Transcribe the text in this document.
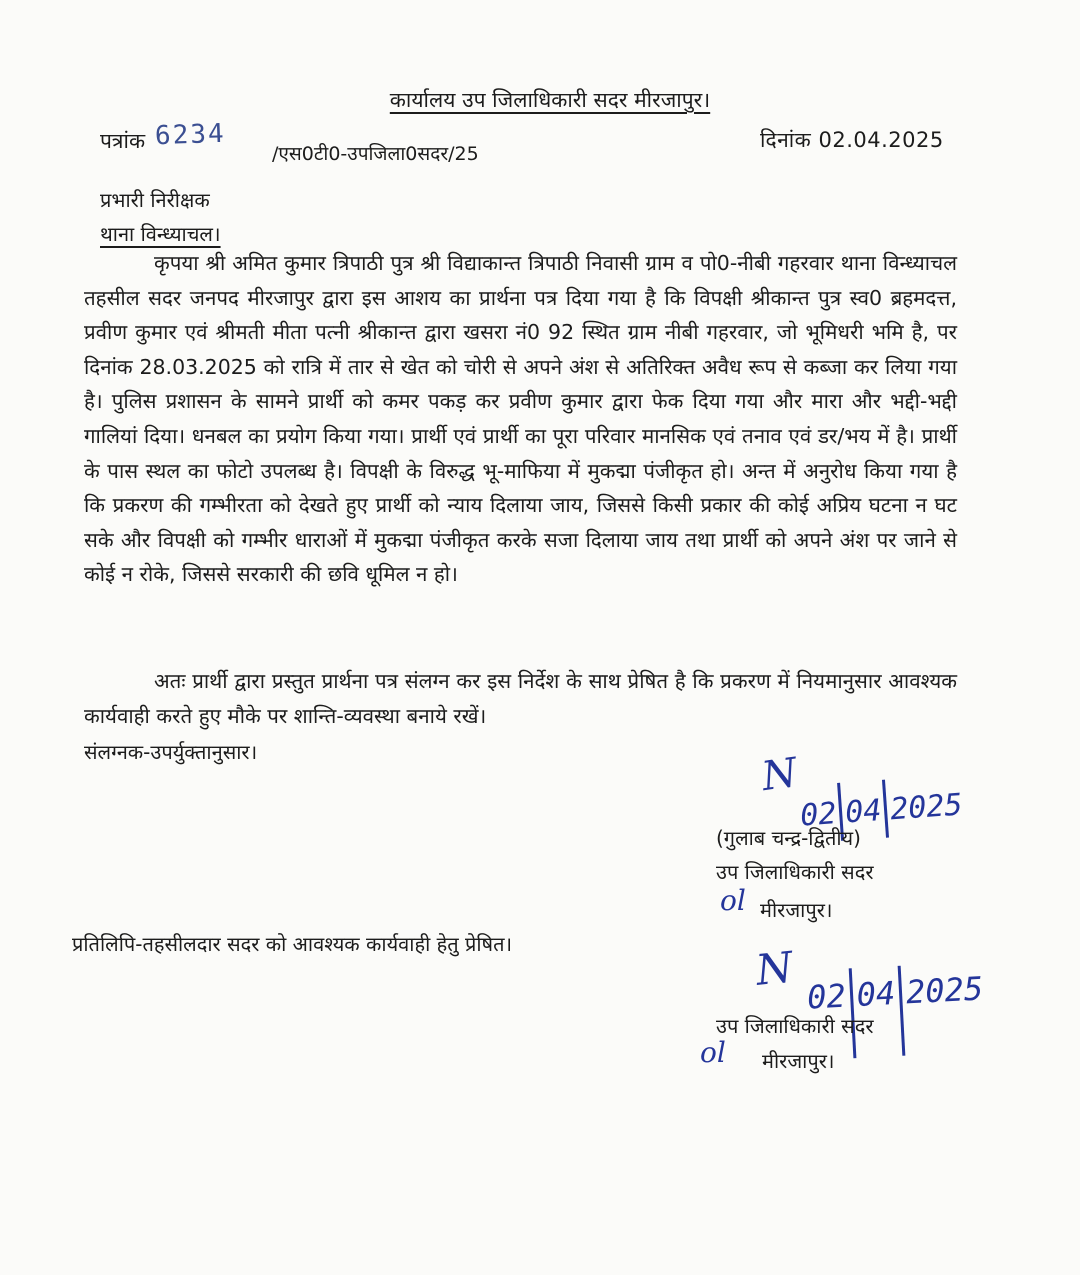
कार्यालय उप जिलाधिकारी सदर मीरजापुर।
पत्रांक 6234
/एस0टी0-उपजिला0सदर/25
दिनांक 02.04.2025
प्रभारी निरीक्षक
थाना विन्ध्याचल।

कृपया श्री अमित कुमार त्रिपाठी पुत्र श्री विद्याकान्त त्रिपाठी निवासी ग्राम व पो0-नीबी गहरवार थाना विन्ध्याचल तहसील सदर जनपद मीरजापुर द्वारा इस आशय का प्रार्थना पत्र दिया गया है कि विपक्षी श्रीकान्त पुत्र स्व0 ब्रहमदत्त, प्रवीण कुमार एवं श्रीमती मीता पत्नी श्रीकान्त द्वारा खसरा नं0 92 स्थित ग्राम नीबी गहरवार, जो भूमिधरी भमि है, पर दिनांक 28.03.2025 को रात्रि में तार से खेत को चोरी से अपने अंश से अतिरिक्त अवैध रूप से कब्जा कर लिया गया है। पुलिस प्रशासन के सामने प्रार्थी को कमर पकड़ कर प्रवीण कुमार द्वारा फेक दिया गया और मारा और भद्दी-भद्दी गालियां दिया। धनबल का प्रयोग किया गया। प्रार्थी एवं प्रार्थी का पूरा परिवार मानसिक एवं तनाव एवं डर/भय में है। प्रार्थी के पास स्थल का फोटो उपलब्ध है। विपक्षी के विरुद्ध भू-माफिया में मुकद्मा पंजीकृत हो। अन्त में अनुरोध किया गया है कि प्रकरण की गम्भीरता को देखते हुए प्रार्थी को न्याय दिलाया जाय, जिससे किसी प्रकार की कोई अप्रिय घटना न घट सके और विपक्षी को गम्भीर धाराओं में मुकद्मा पंजीकृत करके सजा दिलाया जाय तथा प्रार्थी को अपने अंश पर जाने से कोई न रोके, जिससे सरकारी की छवि धूमिल न हो।

अतः प्रार्थी द्वारा प्रस्तुत प्रार्थना पत्र संलग्न कर इस निर्देश के साथ प्रेषित है कि प्रकरण में नियमानुसार आवश्यक कार्यवाही करते हुए मौके पर शान्ति-व्यवस्था बनाये रखें।

संलग्नक-उपर्युक्तानुसार।	N
02 04 2025
(गुलाब चन्द्र-द्वितीय)
उप जिलाधिकारी सदर
ol मीरजापुर।
प्रतिलिपि-तहसीलदार सदर को आवश्यक कार्यवाही हेतु प्रेषित।	N
02 04 2025
उप जिलाधिकारी सदर
ol मीरजापुर।
